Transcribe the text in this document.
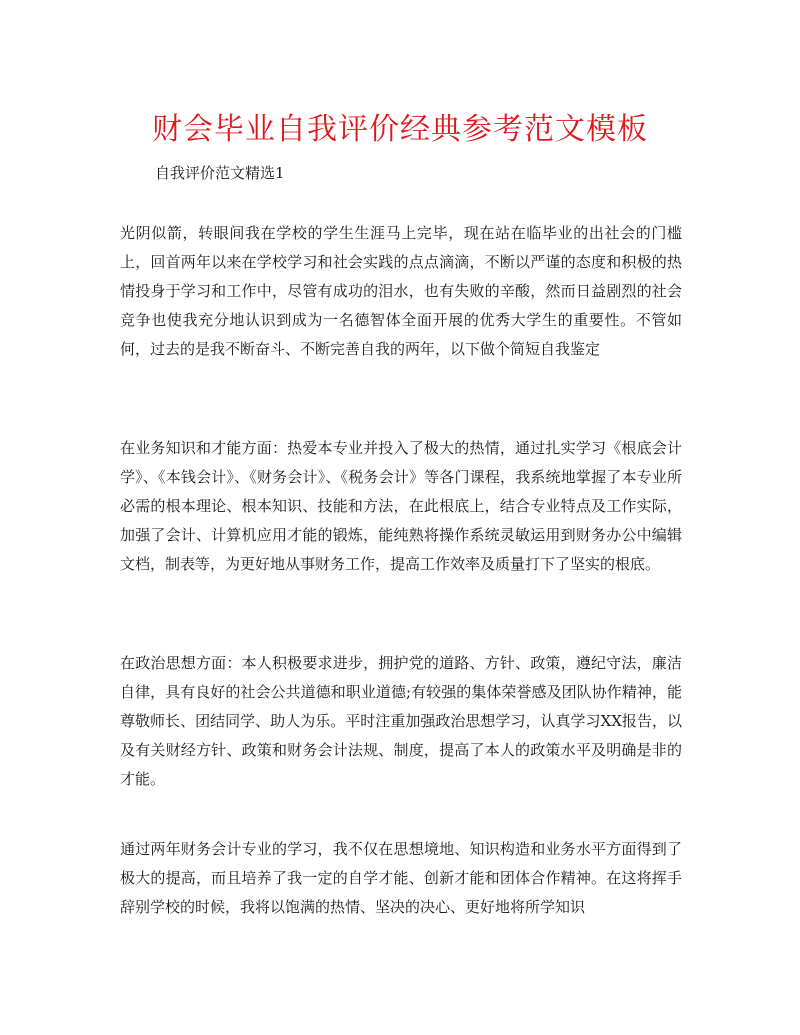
财会毕业自我评价经典参考范文模板

自我评价范文精选1

光阴似箭，转眼间我在学校的学生生涯马上完毕，现在站在临毕业的出社会的门槛上，回首两年以来在学校学习和社会实践的点点滴滴，不断以严谨的态度和积极的热情投身于学习和工作中，尽管有成功的泪水，也有失败的辛酸，然而日益剧烈的社会竞争也使我充分地认识到成为一名德智体全面开展的优秀大学生的重要性。不管如何，过去的是我不断奋斗、不断完善自我的两年，以下做个简短自我鉴定

在业务知识和才能方面：热爱本专业并投入了极大的热情，通过扎实学习《根底会计学》、《本钱会计》、《财务会计》、《税务会计》等各门课程，我系统地掌握了本专业所必需的根本理论、根本知识、技能和方法，在此根底上，结合专业特点及工作实际，加强了会计、计算机应用才能的锻炼，能纯熟将操作系统灵敏运用到财务办公中编辑文档，制表等，为更好地从事财务工作，提高工作效率及质量打下了坚实的根底。

在政治思想方面：本人积极要求进步，拥护党的道路、方针、政策，遵纪守法，廉洁自律，具有良好的社会公共道德和职业道德;有较强的集体荣誉感及团队协作精神，能尊敬师长、团结同学、助人为乐。平时注重加强政治思想学习，认真学习XX报告，以及有关财经方针、政策和财务会计法规、制度，提高了本人的政策水平及明确是非的才能。

通过两年财务会计专业的学习，我不仅在思想境地、知识构造和业务水平方面得到了极大的提高，而且培养了我一定的自学才能、创新才能和团体合作精神。在这将挥手辞别学校的时候，我将以饱满的热情、坚决的决心、更好地将所学知识
